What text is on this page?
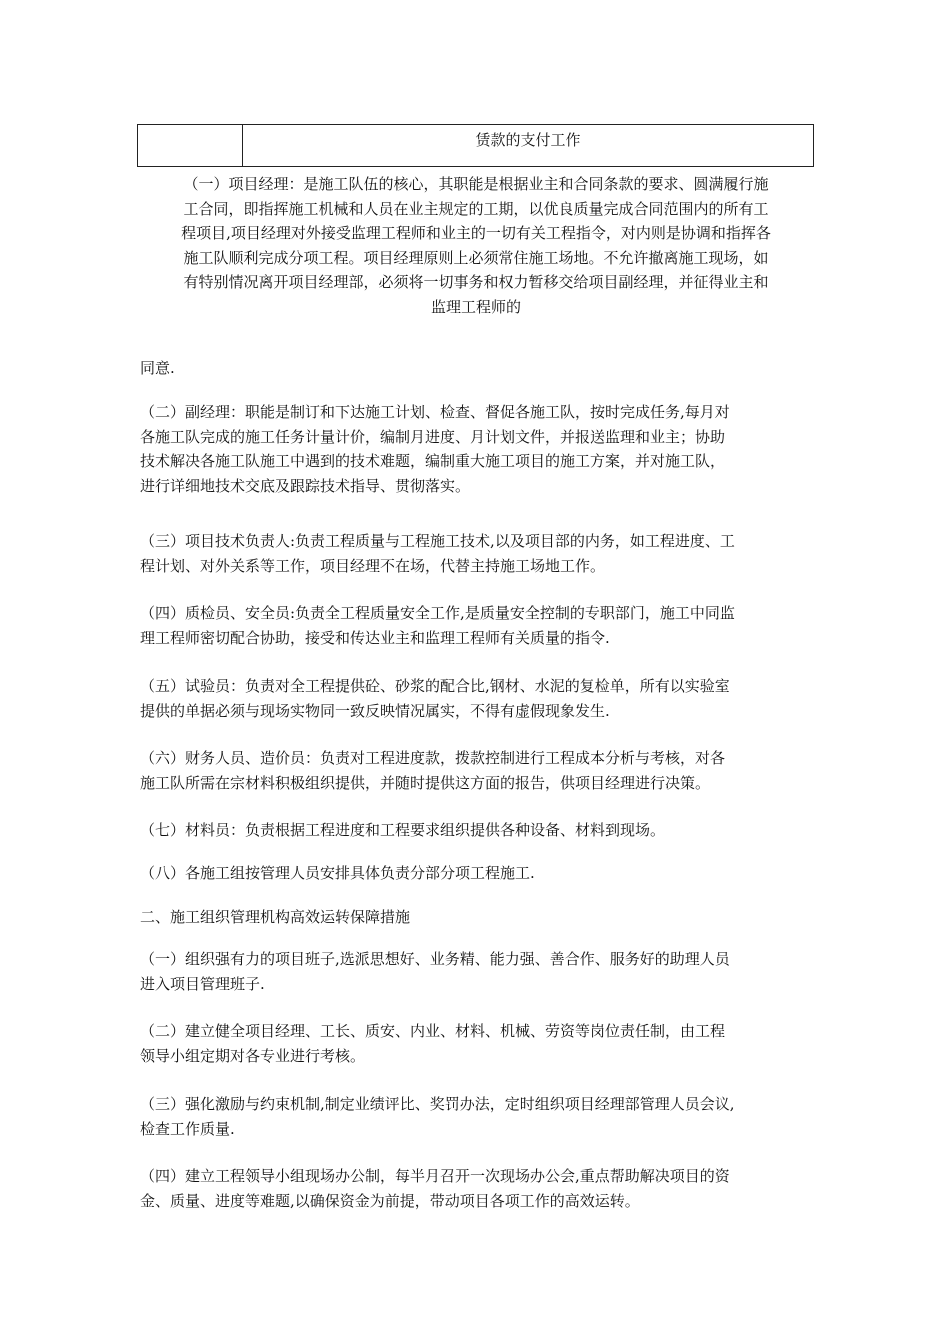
赁款的支付工作
（一）项目经理：是施工队伍的核心，其职能是根据业主和合同条款的要求、圆满履行施
工合同，即指挥施工机械和人员在业主规定的工期，以优良质量完成合同范围内的所有工
程项目,项目经理对外接受监理工程师和业主的一切有关工程指令，对内则是协调和指挥各
施工队顺利完成分项工程。项目经理原则上必须常住施工场地。不允许撤离施工现场，如
有特别情况离开项目经理部，必须将一切事务和权力暂移交给项目副经理，并征得业主和
监理工程师的
同意.
（二）副经理：职能是制订和下达施工计划、检查、督促各施工队，按时完成任务,每月对
各施工队完成的施工任务计量计价，编制月进度、月计划文件，并报送监理和业主；协助
技术解决各施工队施工中遇到的技术难题，编制重大施工项目的施工方案，并对施工队，
进行详细地技术交底及跟踪技术指导、贯彻落实。
（三）项目技术负责人:负责工程质量与工程施工技术,以及项目部的内务，如工程进度、工
程计划、对外关系等工作，项目经理不在场，代替主持施工场地工作。
（四）质检员、安全员:负责全工程质量安全工作,是质量安全控制的专职部门，施工中同监
理工程师密切配合协助，接受和传达业主和监理工程师有关质量的指令.
（五）试验员：负责对全工程提供砼、砂浆的配合比,钢材、水泥的复检单，所有以实验室
提供的单据必须与现场实物同一致反映情况属实，不得有虚假现象发生.
（六）财务人员、造价员：负责对工程进度款，拨款控制进行工程成本分析与考核，对各
施工队所需在宗材料积极组织提供，并随时提供这方面的报告，供项目经理进行决策。
（七）材料员：负责根据工程进度和工程要求组织提供各种设备、材料到现场。
（八）各施工组按管理人员安排具体负责分部分项工程施工.
二、施工组织管理机构高效运转保障措施
（一）组织强有力的项目班子,选派思想好、业务精、能力强、善合作、服务好的助理人员
进入项目管理班子.
（二）建立健全项目经理、工长、质安、内业、材料、机械、劳资等岗位责任制，由工程
领导小组定期对各专业进行考核。
（三）强化激励与约束机制,制定业绩评比、奖罚办法，定时组织项目经理部管理人员会议,
检查工作质量.
（四）建立工程领导小组现场办公制，每半月召开一次现场办公会,重点帮助解决项目的资
金、质量、进度等难题,以确保资金为前提，带动项目各项工作的高效运转。
